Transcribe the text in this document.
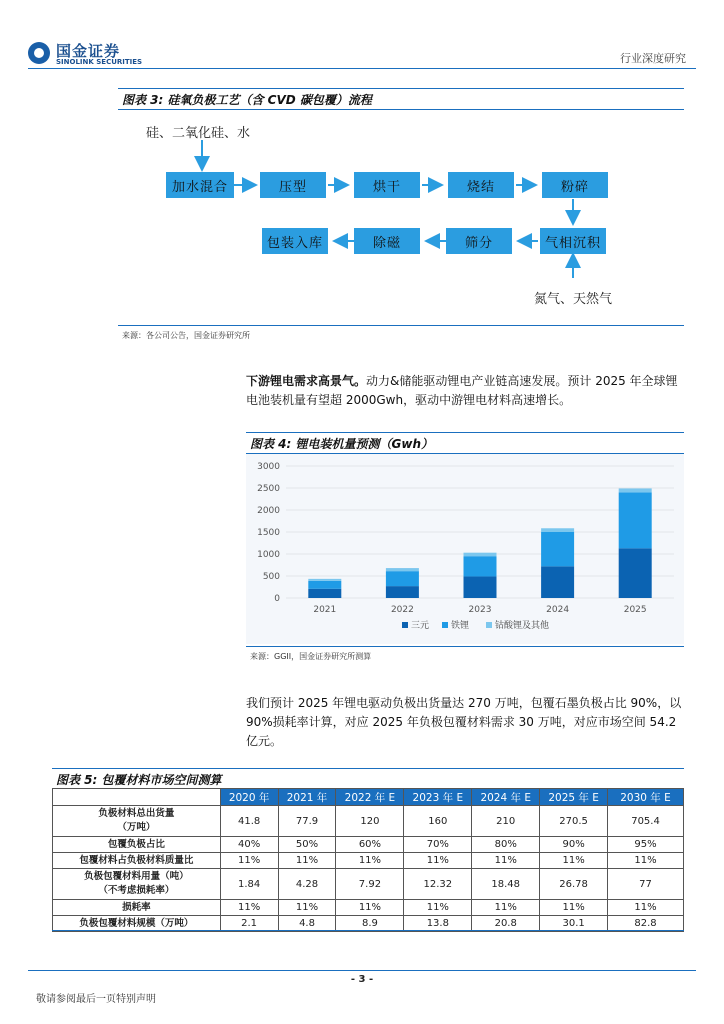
国金证券
SINOLINK SECURITIES	行业深度研究
图表 3: 硅氧负极工艺（含 CVD 碳包覆）流程
硅、二氧化硅、水
加水混合	压型	烘干	烧结	粉碎
包装入库	除磁	筛分	气相沉积
氮气、天然气
来源：各公司公告，国金证券研究所
下游锂电需求高景气。动力&储能驱动锂电产业链高速发展。预计 2025 年全球锂电池装机量有望超 2000Gwh，驱动中游锂电材料高速增长。
图表 4: 锂电装机量预测（Gwh）
0
500
1000
1500
2000
2500
3000
2021	2022	2023	2024	2025
三元 铁锂	钴酸锂及其他
来源：GGII，国金证券研究所测算
我们预计 2025 年锂电驱动负极出货量达 270 万吨，包覆石墨负极占比 90%，以 90%损耗率计算，对应 2025 年负极包覆材料需求 30 万吨，对应市场空间 54.2 亿元。
图表 5: 包覆材料市场空间测算
	2020 年	2021 年	2022 年 E	2023 年 E	2024 年 E	2025 年 E	2030 年 E

负极材料总出货量
（万吨）	41.8	77.9	120	160	210	270.5	705.4

包覆负极占比	40%	50%	60%	70%	80%	90%	95%

包覆材料占负极材料质量比	11%	11%	11%	11%	11%	11%	11%

负极包覆材料用量（吨）
（不考虑损耗率）	1.84	4.28	7.92	12.32	18.48	26.78	77

损耗率	11%	11%	11%	11%	11%	11%	11%

负极包覆材料规模（万吨）	2.1	4.8	8.9	13.8	20.8	30.1	82.8
- 3 -
敬请参阅最后一页特别声明
